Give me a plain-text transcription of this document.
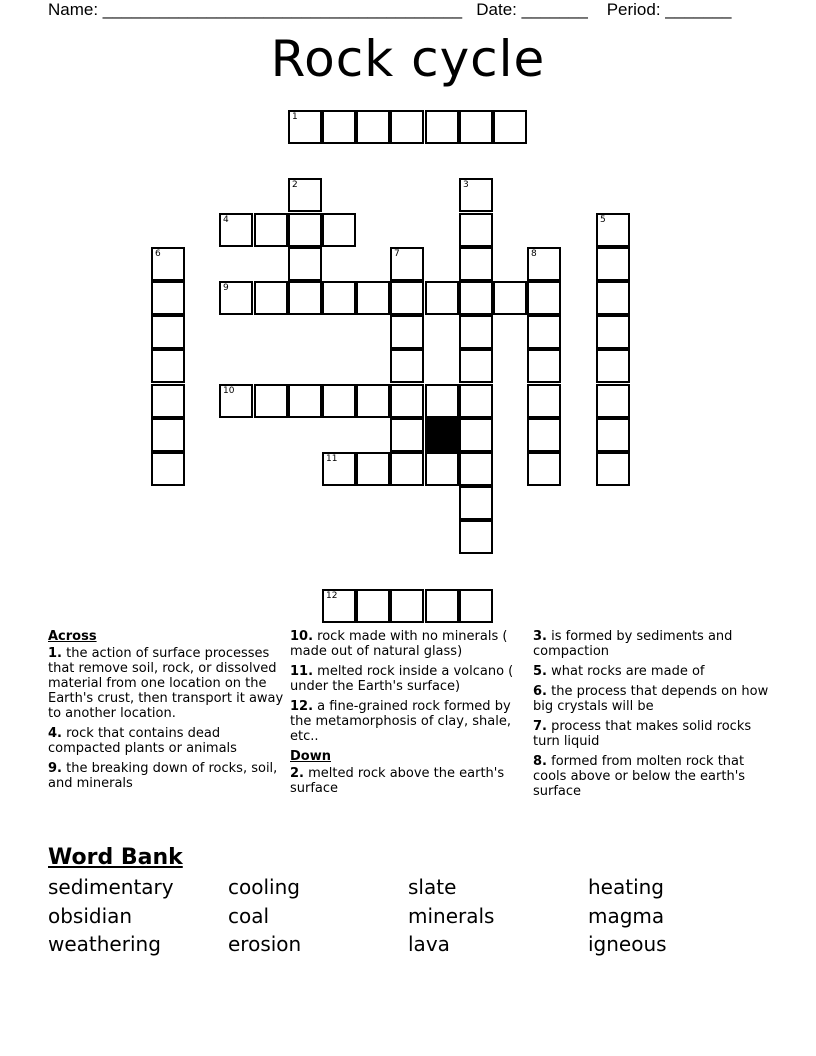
Name: ______________________________________ Date: _______ Period: _______
Rock cycle
1
2	3
4	5
6	7	8
9
10
11
12
Across
1. the action of surface processes that remove soil, rock, or dissolved material from one location on the Earth's crust, then transport it away to another location.
4. rock that contains dead compacted plants or animals
9. the breaking down of rocks, soil, and minerals
10. rock made with no minerals ( made out of natural glass)
11. melted rock inside a volcano ( under the Earth's surface)
12. a fine-grained rock formed by the metamorphosis of clay, shale, etc..
Down
2. melted rock above the earth's surface
3. is formed by sediments and compaction
5. what rocks are made of
6. the process that depends on how big crystals will be
7. process that makes solid rocks turn liquid
8. formed from molten rock that cools above or below the earth's surface
Word Bank
sedimentary	cooling	slate	heating
obsidian	coal	minerals	magma
weathering	erosion	lava	igneous
